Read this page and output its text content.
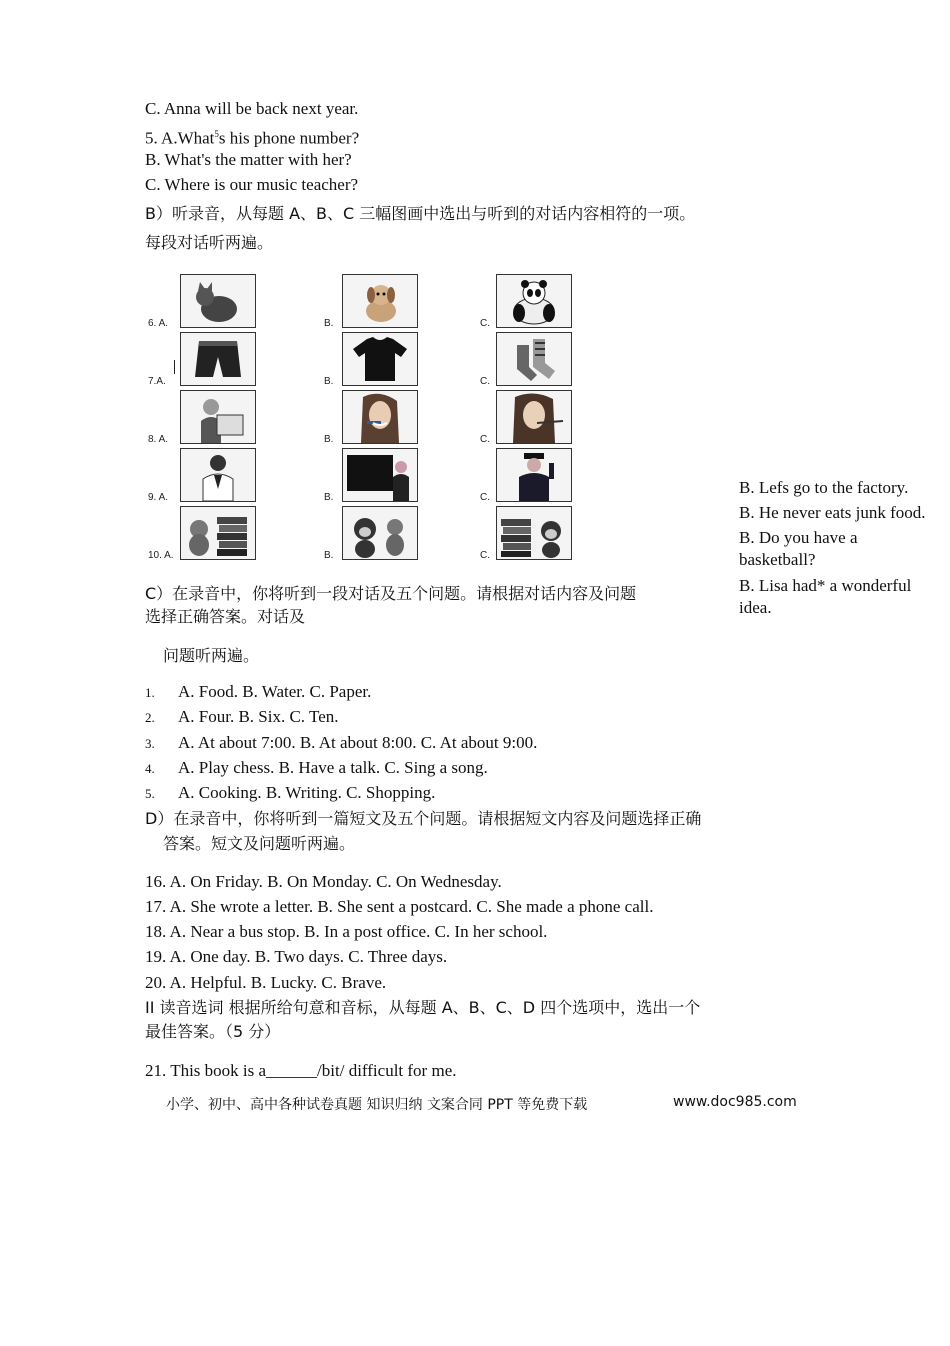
C. Anna will be back next year.
5. A.What$^5$s his phone number?
B. What's the matter with her?
C. Where is our music teacher?
B）听录音，从每题 A、B、C 三幅图画中选出与听到的对话内容相符的一项。
每段对话听两遍。
6. A.	B.	C.
7.A.	B.	C.
8. A.	B.	C.
9. A.	B.	C.
10. A.	B.	C.
B. Lefs go to the factory.
B. He never eats junk food.
B. Do you have a basketball?
B. Lisa had* a wonderful idea.
C）在录音中，你将听到一段对话及五个问题。请根据对话内容及问题
选择正确答案。对话及
问题听两遍。
1. A. Food. B. Water. C. Paper.
2. A. Four. B. Six. C. Ten.
3. A. At about 7:00. B. At about 8:00. C. At about 9:00.
4. A. Play chess. B. Have a talk. C. Sing a song.
5. A. Cooking. B. Writing. C. Shopping.
D）在录音中，你将听到一篇短文及五个问题。请根据短文内容及问题选择正确
答案。短文及问题听两遍。
16. A. On Friday. B. On Monday. C. On Wednesday.
17. A. She wrote a letter. B. She sent a postcard. C. She made a phone call.
18. A. Near a bus stop. B. In a post office. C. In her school.
19. A. One day. B. Two days. C. Three days.
20. A. Helpful. B. Lucky. C. Brave.
II 读音选词 根据所给句意和音标，从每题 A、B、C、D 四个选项中，选出一个
最佳答案。（5 分）
21. This book is a______/bit/ difficult for me.
小学、初中、高中各种试卷真题 知识归纳 文案合同 PPT 等免费下载	www.doc985.com
